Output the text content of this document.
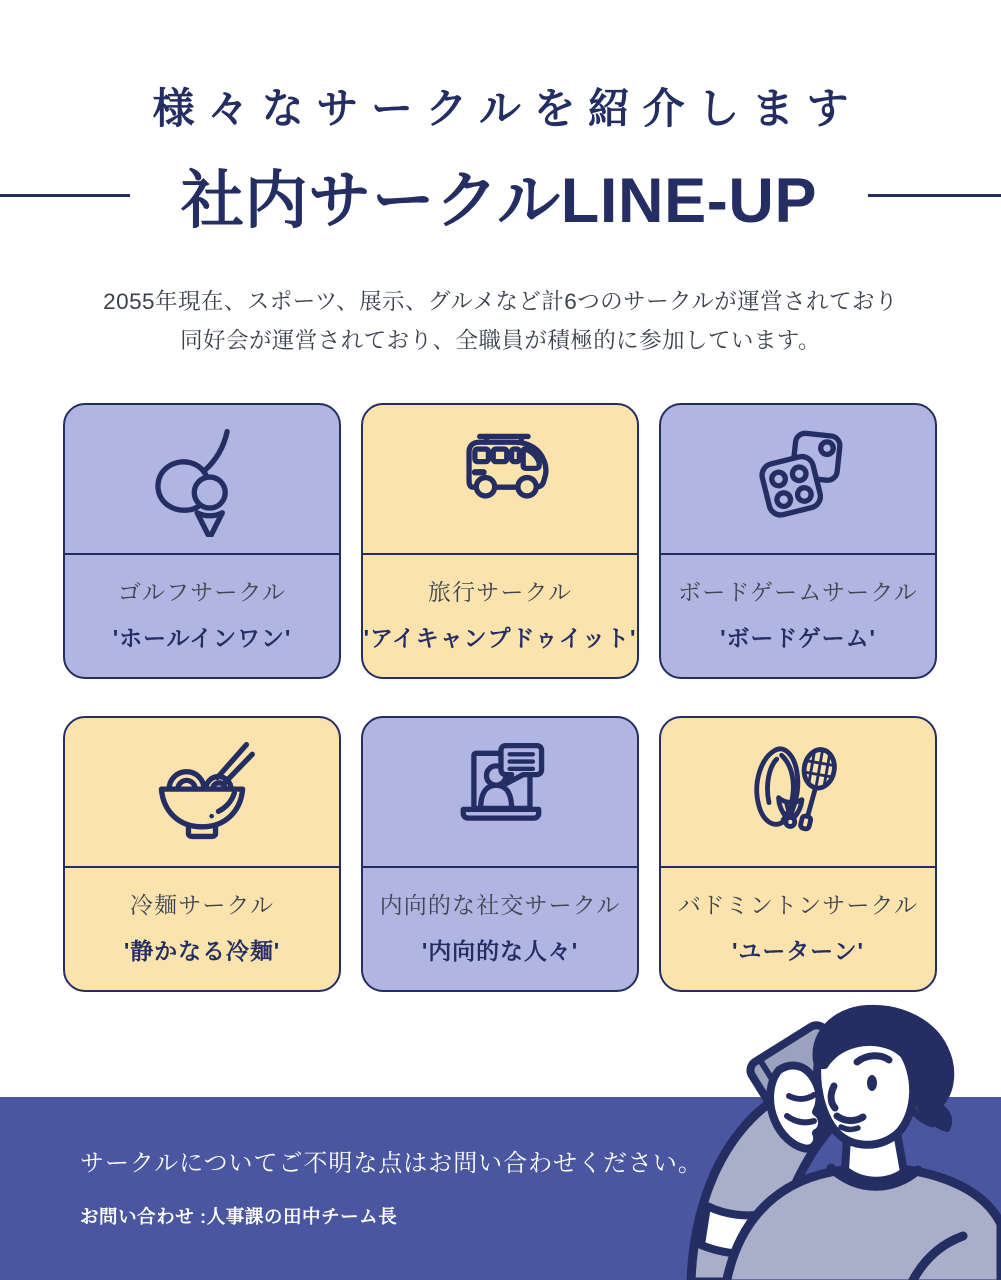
様々なサークルを紹介します
社内サークルLINE-UP
2055年現在、スポーツ、展示、グルメなど計6つのサークルが運営されており
同好会が運営されており、全職員が積極的に参加しています。
ゴルフサークル
'ホールインワン'
旅行サークル
'アイキャンプドゥイット'
ボードゲームサークル
'ボードゲーム'
冷麺サークル
'静かなる冷麺'
内向的な社交サークル
'内向的な人々'
バドミントンサークル
'ユーターン'
サークルについてご不明な点はお問い合わせください。
お問い合わせ :人事課の田中チーム長
